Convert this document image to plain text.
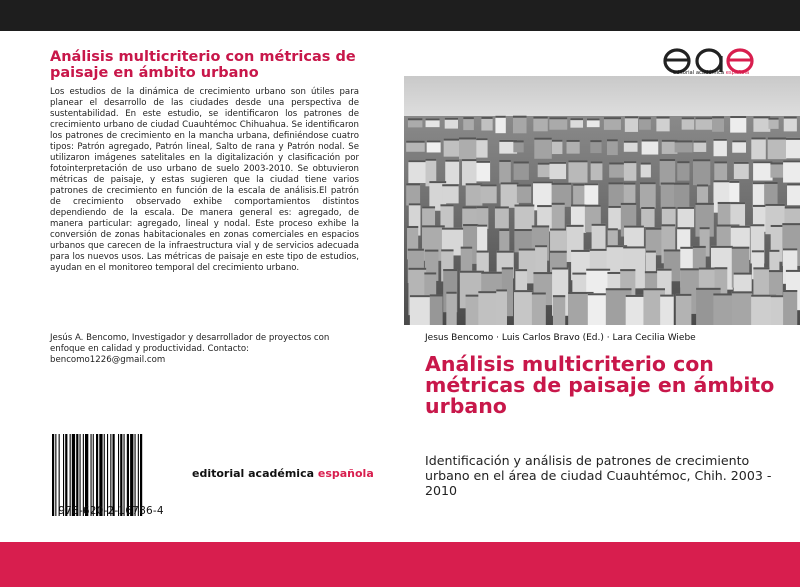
Análisis multicriterio con métricas de paisaje en ámbito urbano

Los estudios de la dinámica de crecimiento urbano son útiles para planear el desarrollo de las ciudades desde una perspectiva de sustentabilidad. En este estudio, se identificaron los patrones de crecimiento urbano de ciudad Cuauhtémoc Chihuahua. Se identificaron los patrones de crecimiento en la mancha urbana, definiéndose cuatro tipos: Patrón agregado, Patrón lineal, Salto de rana y Patrón nodal. Se utilizaron imágenes satelitales en la digitalización y clasificación por fotointerpretación de uso urbano de suelo 2003-2010. Se obtuvieron métricas de paisaje, y estas sugieren que la ciudad tiene varios patrones de crecimiento en función de la escala de análisis.El patrón de crecimiento observado exhibe comportamientos distintos dependiendo de la escala. De manera general es: agregado, de manera particular: agregado, lineal y nodal. Este proceso exhibe la conversión de zonas habitacionales en zonas comerciales en espacios urbanos que carecen de la infraestructura vial y de servicios adecuada para los nuevos usos. Las métricas de paisaje en este tipo de estudios, ayudan en el monitoreo temporal del crecimiento urbano.

Jesús A. Bencomo, Investigador y desarrollador de proyectos con enfoque en calidad y productividad. Contacto: bencomo1226@gmail.com

978-620-2-16786-4
editorial académica española
editorial académica española
Jesus Bencomo · Luis Carlos Bravo (Ed.) · Lara Cecilia Wiebe
Análisis multicriterio con métricas de paisaje en ámbito urbano

Identificación y análisis de patrones de crecimiento urbano en el área de ciudad Cuauhtémoc, Chih. 2003 - 2010
